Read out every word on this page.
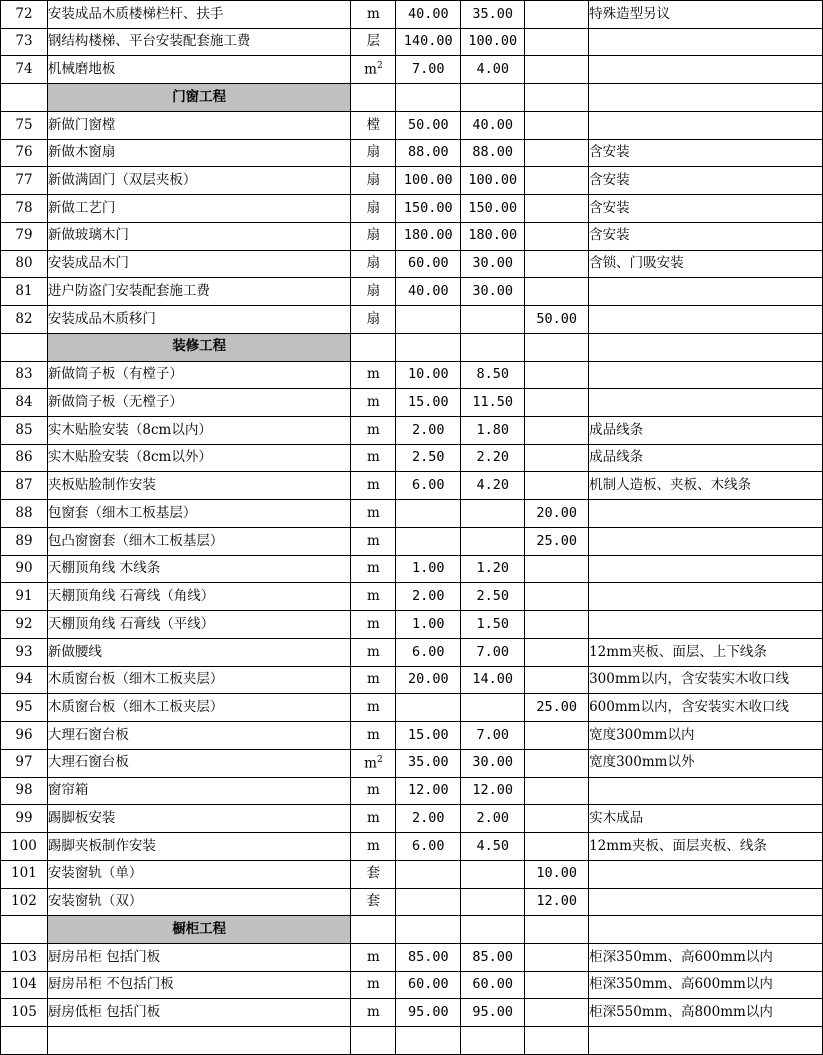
72	安装成品木质楼梯栏杆、扶手	m	40.00	35.00		特殊造型另议
73	钢结构楼梯、平台安装配套施工费	层	140.00	100.00		
74	机械磨地板	$m^2$	7.00	4.00		
	门窗工程					
75	新做门窗樘	樘	50.00	40.00		
76	新做木窗扇	扇	88.00	88.00		含安装
77	新做满固门（双层夹板）	扇	100.00	100.00		含安装
78	新做工艺门	扇	150.00	150.00		含安装
79	新做玻璃木门	扇	180.00	180.00		含安装
80	安装成品木门	扇	60.00	30.00		含锁、门吸安装
81	进户防盗门安装配套施工费	扇	40.00	30.00		
82	安装成品木质移门	扇			50.00	
	装修工程					
83	新做筒子板（有樘子）	m	10.00	8.50		
84	新做筒子板（无樘子）	m	15.00	11.50		
85	实木贴脸安装（8cm以内）	m	2.00	1.80		成品线条
86	实木贴脸安装（8cm以外）	m	2.50	2.20		成品线条
87	夹板贴脸制作安装	m	6.00	4.20		机制人造板、夹板、木线条
88	包窗套（细木工板基层）	m			20.00	
89	包凸窗窗套（细木工板基层）	m			25.00	
90	天棚顶角线 木线条	m	1.00	1.20		
91	天棚顶角线 石膏线（角线）	m	2.00	2.50		
92	天棚顶角线 石膏线（平线）	m	1.00	1.50		
93	新做腰线	m	6.00	7.00		12mm夹板、面层、上下线条
94	木质窗台板（细木工板夹层）	m	20.00	14.00		300mm以内，含安装实木收口线
95	木质窗台板（细木工板夹层）	m			25.00	600mm以内，含安装实木收口线
96	大理石窗台板	m	15.00	7.00		宽度300mm以内
97	大理石窗台板	$m^2$	35.00	30.00		宽度300mm以外
98	窗帘箱	m	12.00	12.00		
99	踢脚板安装	m	2.00	2.00		实木成品
100	踢脚夹板制作安装	m	6.00	4.50		12mm夹板、面层夹板、线条
101	安装窗轨（单）	套			10.00	
102	安装窗轨（双）	套			12.00	
	橱柜工程					
103	厨房吊柜 包括门板	m	85.00	85.00		柜深350mm、高600mm以内
104	厨房吊柜 不包括门板	m	60.00	60.00		柜深350mm、高600mm以内
105	厨房低柜 包括门板	m	95.00	95.00		柜深550mm、高800mm以内
